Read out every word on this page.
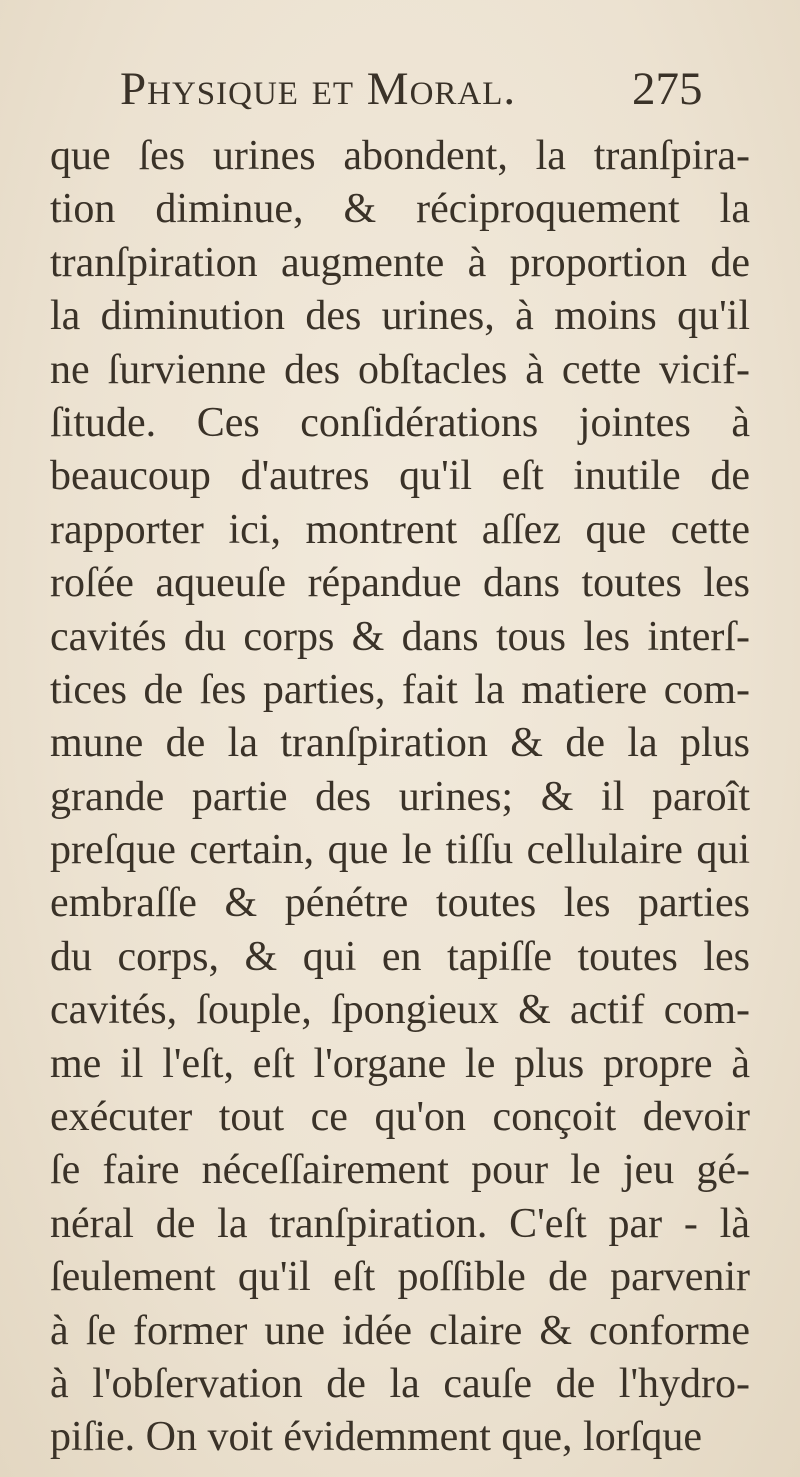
Physique et Moral. 275
que ſes urines abondent, la tranſpira-
tion diminue, & réciproquement la
tranſpiration augmente à proportion de
la diminution des urines, à moins qu'il
ne ſurvienne des obſtacles à cette vicif-
ſitude. Ces conſidérations jointes à
beaucoup d'autres qu'il eſt inutile de
rapporter ici, montrent aſſez que cette
roſée aqueuſe répandue dans toutes les
cavités du corps & dans tous les interſ-
tices de ſes parties, fait la matiere com-
mune de la tranſpiration & de la plus
grande partie des urines; & il paroît
preſque certain, que le tiſſu cellulaire qui
embraſſe & pénétre toutes les parties
du corps, & qui en tapiſſe toutes les
cavités, ſouple, ſpongieux & actif com-
me il l'eſt, eſt l'organe le plus propre à
exécuter tout ce qu'on conçoit devoir
ſe faire néceſſairement pour le jeu gé-
néral de la tranſpiration. C'eſt par - là
ſeulement qu'il eſt poſſible de parvenir
à ſe former une idée claire & conforme
à l'obſervation de la cauſe de l'hydro-
piſie. On voit évidemment que, lorſque
